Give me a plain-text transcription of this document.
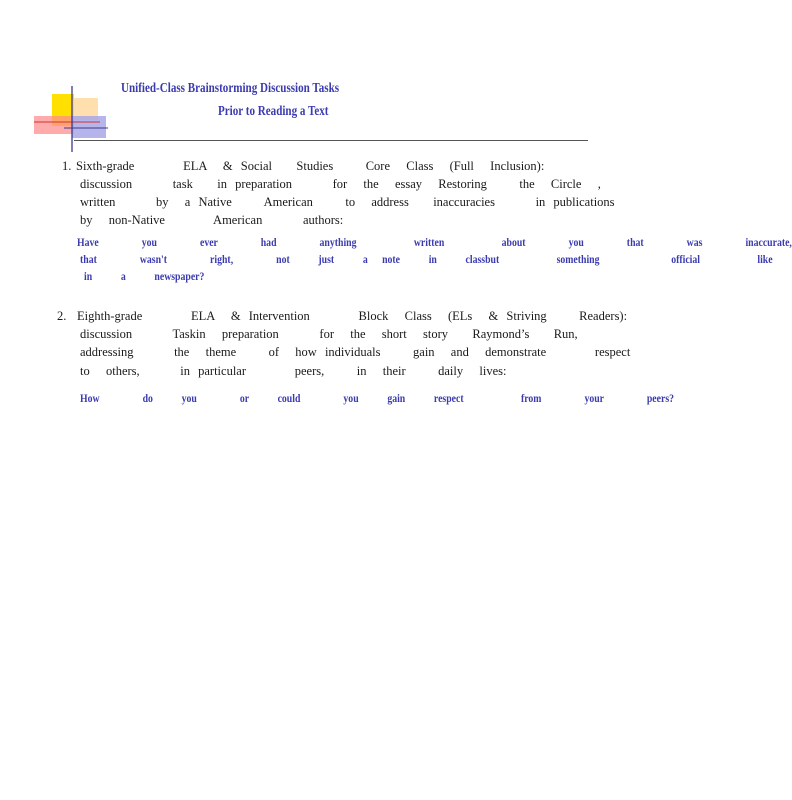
Unified-Class Brainstorming Discussion Tasks
Prior to Reading a Text
1. Sixth-grade      ELA  & Social   Studies    Core  Class  (Full  Inclusion):
discussion     task   in preparation     for  the  essay  Restoring    the  Circle  ,
written     by  a Native    American    to  address   inaccuracies     in publications
by  non-Native      American     authors:
Have   you   ever   had   anything    written    about   you   that   was   inaccurate,
that   wasn't   right,   not  just  a note  in  classbut    something     official    like
in  a  newspaper?
2. Eighth-grade      ELA  & Intervention      Block  Class  (ELs  & Striving    Readers):
discussion     Taskin  preparation     for  the  short  story   Raymond’s   Run,
addressing     the  theme    of  how individuals    gain  and  demonstrate      respect
to  others,     in particular      peers,    in  their    daily  lives:
How   do  you   or  could   you  gain  respect    from   your   peers?
